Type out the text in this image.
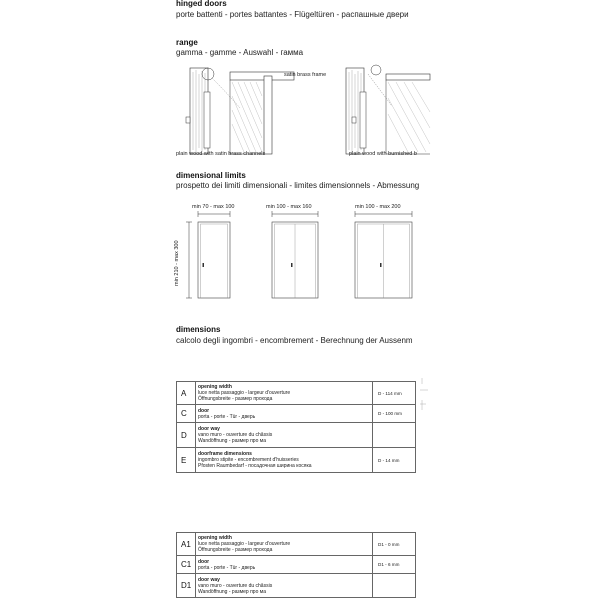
hinged doors
porte battenti - portes battantes - Flügeltüren - распашные двери
range
gamma - gamme - Auswahl - гамма
satin brass frame
plain wood with satin brass channels	plain wood with burnished b
dimensional limits
prospetto dei limiti dimensionali - limites dimensionnels - Abmessung
min 210 - max 300
min 70 - max 100	min 100 - max 160	min 100 - max 200
dimensions
calcolo degli ingombri - encombrement - Berechnung der Aussenm
A	opening width
luce netta passaggio - largeur d'ouverture
Öffnungsbreite - размер прохода	D - 114 mm
C	door
porta - porte - Tür - дверь	D - 100 mm
D	door way
vano muro - ouverture du châssis
Wandöffnung - размер про ма	

E	doorframe dimensions
ingombro stipite - encombrement d'huisseries
Pfosten Raumbedarf - посадочная ширина косяка	D - 14 mm
A1	opening width
luce netta passaggio - largeur d'ouverture
Öffnungsbreite - размер прохода	D1 - 0 mm
C1	door
porta - porte - Tür - дверь	D1 - 6 mm
D1	door way
vano muro - ouverture du châssis
Wandöffnung - размер про ма	
